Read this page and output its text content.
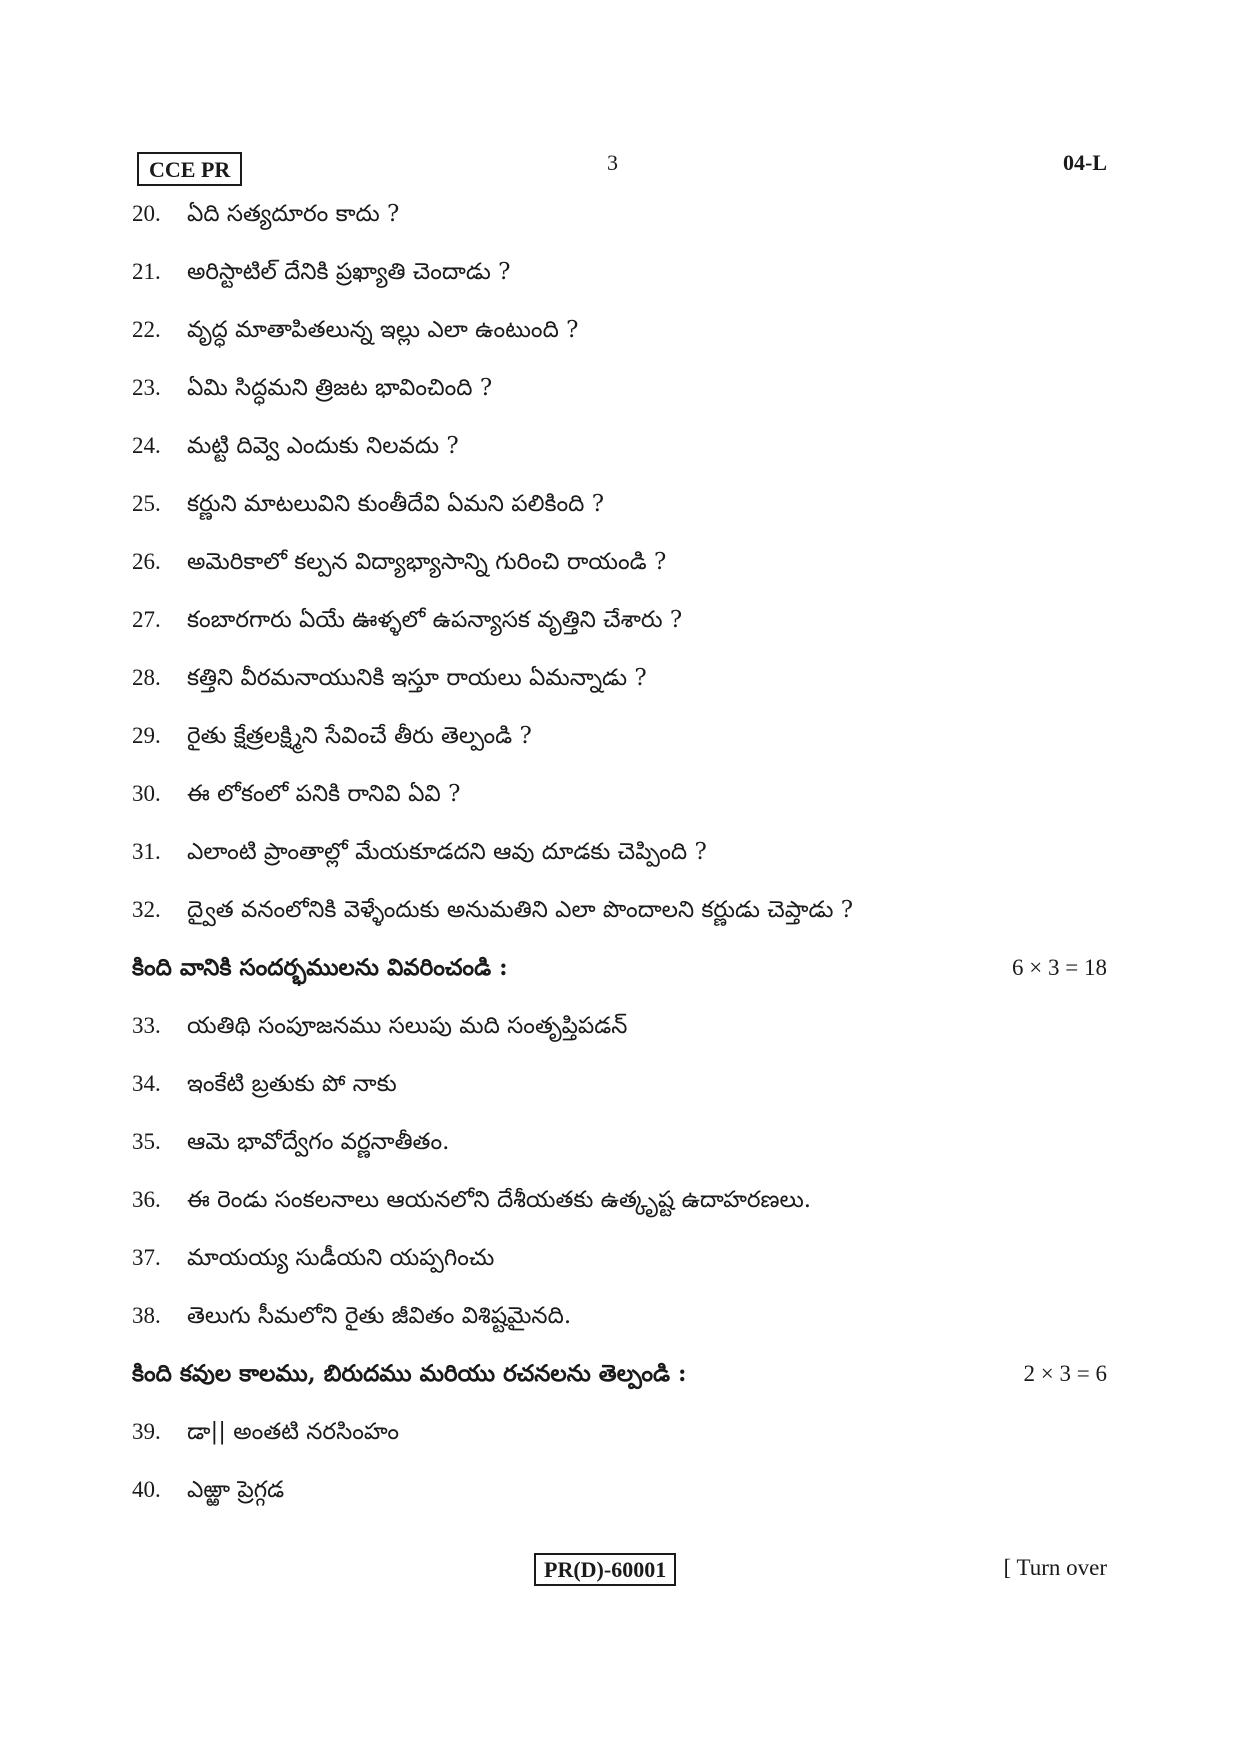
CCE PR	3	04-L
20.	ఏది సత్యదూరం కాదు ?
21.	అరిస్టాటిల్ దేనికి ప్రఖ్యాతి చెందాడు ?
22.	వృద్ధ మాతాపితలున్న ఇల్లు ఎలా ఉంటుంది ?
23.	ఏమి సిద్ధమని త్రిజట భావించింది ?
24.	మట్టి దివ్వె ఎందుకు నిలవదు ?
25.	కర్ణుని మాటలువిని కుంతీదేవి ఏమని పలికింది ?
26.	అమెరికాలో కల్పన విద్యాభ్యాసాన్ని గురించి రాయండి ?
27.	కంబారగారు ఏయే ఊళ్ళలో ఉపన్యాసక వృత్తిని చేశారు ?
28.	కత్తిని వీరమనాయునికి ఇస్తూ రాయలు ఏమన్నాడు ?
29.	రైతు క్షేత్రలక్ష్మిని సేవించే తీరు తెల్పండి ?
30.	ఈ లోకంలో పనికి రానివి ఏవి ?
31.	ఎలాంటి ప్రాంతాల్లో మేయకూడదని ఆవు దూడకు చెప్పింది ?
32.	ద్వైత వనంలోనికి వెళ్ళేందుకు అనుమతిని ఎలా పొందాలని కర్ణుడు చెప్తాడు ?
కింది వానికి సందర్భములను వివరించండి :	6 × 3 = 18
33.	యతిథి సంపూజనము సలుపు మది సంతృప్తిపడన్
34.	ఇంకేటి బ్రతుకు పో నాకు
35.	ఆమె భావోద్వేగం వర్ణనాతీతం.
36.	ఈ రెండు సంకలనాలు ఆయనలోని దేశీయతకు ఉత్కృష్ట ఉదాహరణలు.
37.	మాయయ్య సుడీయని యప్పగించు
38.	తెలుగు సీమలోని రైతు జీవితం విశిష్టమైనది.
కింది కవుల కాలము, బిరుదము మరియు రచనలను తెల్పండి :	2 × 3 = 6
39.	డా|| అంతటి నరసింహం
40.	ఎఱ్ఱా ప్రెగ్గడ
PR(D)-60001	[ Turn over
